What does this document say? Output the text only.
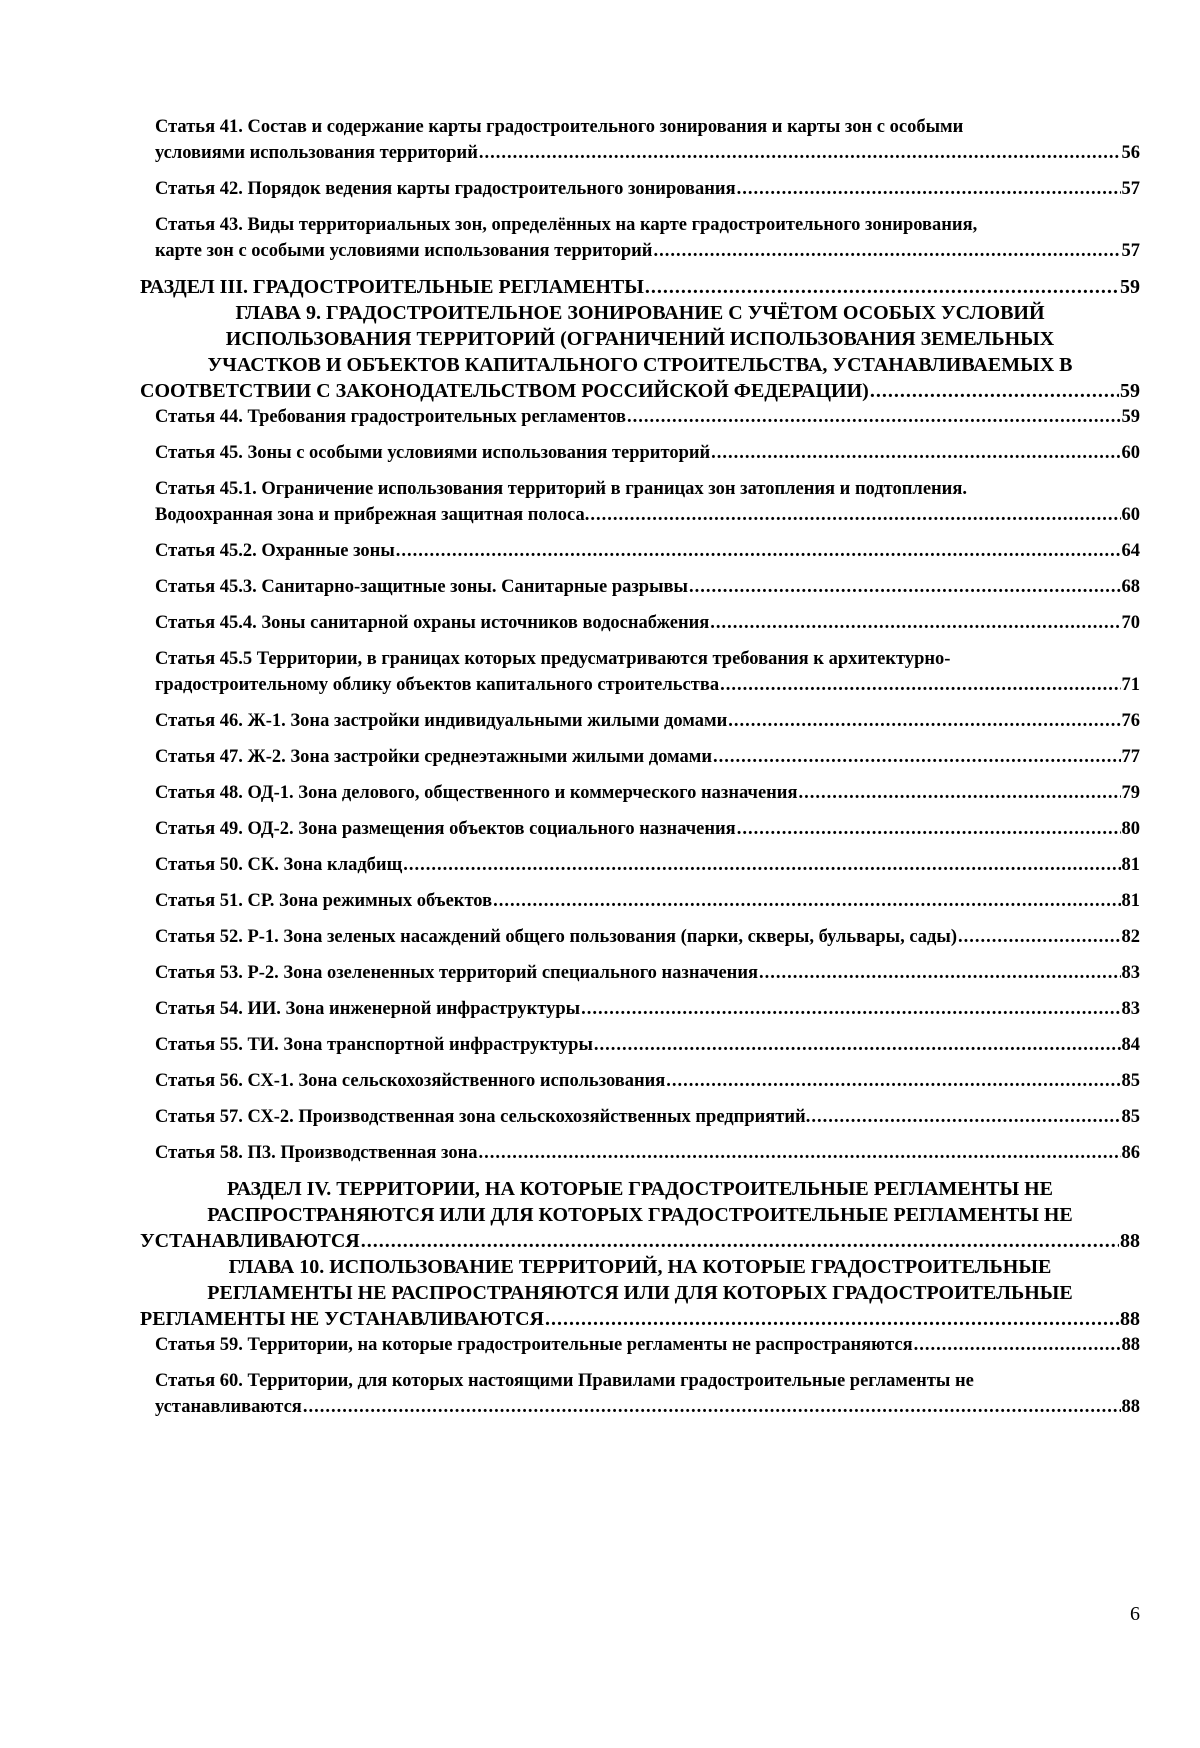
Статья 41. Состав и содержание карты градостроительного зонирования и карты зон с особыми
условиями использования территорий .....	56
Статья 42. Порядок ведения карты градостроительного зонирования .....	57
Статья 43. Виды территориальных зон, определённых на карте градостроительного зонирования,
карте зон с особыми условиями использования территорий .....	57
РАЗДЕЛ III. ГРАДОСТРОИТЕЛЬНЫЕ РЕГЛАМЕНТЫ .....	59
ГЛАВА 9. ГРАДОСТРОИТЕЛЬНОЕ ЗОНИРОВАНИЕ С УЧЁТОМ ОСОБЫХ УСЛОВИЙ
ИСПОЛЬЗОВАНИЯ ТЕРРИТОРИЙ (ОГРАНИЧЕНИЙ ИСПОЛЬЗОВАНИЯ ЗЕМЕЛЬНЫХ
УЧАСТКОВ И ОБЪЕКТОВ КАПИТАЛЬНОГО СТРОИТЕЛЬСТВА, УСТАНАВЛИВАЕМЫХ В
СООТВЕТСТВИИ С ЗАКОНОДАТЕЛЬСТВОМ РОССИЙСКОЙ ФЕДЕРАЦИИ) .....	59
Статья 44. Требования градостроительных регламентов .....	59
Статья 45. Зоны с особыми условиями использования территорий .....	60
Статья 45.1. Ограничение использования территорий в границах зон затопления и подтопления.
Водоохранная зона и прибрежная защитная полоса. .....	60
Статья 45.2. Охранные зоны .....	64
Статья 45.3. Санитарно-защитные зоны. Санитарные разрывы .....	68
Статья 45.4. Зоны санитарной охраны источников водоснабжения .....	70
Статья 45.5 Территории, в границах которых предусматриваются требования к архитектурно-
градостроительному облику объектов капитального строительства .....	71
Статья 46. Ж-1. Зона застройки индивидуальными жилыми домами .....	76
Статья 47. Ж-2. Зона застройки среднеэтажными жилыми домами .....	77
Статья 48. ОД-1. Зона делового, общественного и коммерческого назначения .....	79
Статья 49. ОД-2. Зона размещения объектов социального назначения .....	80
Статья 50. СК. Зона кладбищ .....	81
Статья 51. СР. Зона режимных объектов .....	81
Статья 52. Р-1. Зона зеленых насаждений общего пользования (парки, скверы, бульвары, сады) .....	82
Статья 53. Р-2. Зона озелененных территорий специального назначения .....	83
Статья 54. ИИ. Зона инженерной инфраструктуры .....	83
Статья 55. ТИ. Зона транспортной инфраструктуры .....	84
Статья 56. СХ-1. Зона сельскохозяйственного использования .....	85
Статья 57. СХ-2. Производственная зона сельскохозяйственных предприятий. .....	85
Статья 58. П3. Производственная зона .....	86
РАЗДЕЛ IV. ТЕРРИТОРИИ, НА КОТОРЫЕ ГРАДОСТРОИТЕЛЬНЫЕ РЕГЛАМЕНТЫ НЕ
РАСПРОСТРАНЯЮТСЯ ИЛИ ДЛЯ КОТОРЫХ ГРАДОСТРОИТЕЛЬНЫЕ РЕГЛАМЕНТЫ НЕ
УСТАНАВЛИВАЮТСЯ .....	88
ГЛАВА 10. ИСПОЛЬЗОВАНИЕ ТЕРРИТОРИЙ, НА КОТОРЫЕ ГРАДОСТРОИТЕЛЬНЫЕ
РЕГЛАМЕНТЫ НЕ РАСПРОСТРАНЯЮТСЯ ИЛИ ДЛЯ КОТОРЫХ ГРАДОСТРОИТЕЛЬНЫЕ
РЕГЛАМЕНТЫ НЕ УСТАНАВЛИВАЮТСЯ .....	88
Статья 59. Территории, на которые градостроительные регламенты не распространяются .....	88
Статья 60. Территории, для которых настоящими Правилами градостроительные регламенты не
устанавливаются .....	88
6
